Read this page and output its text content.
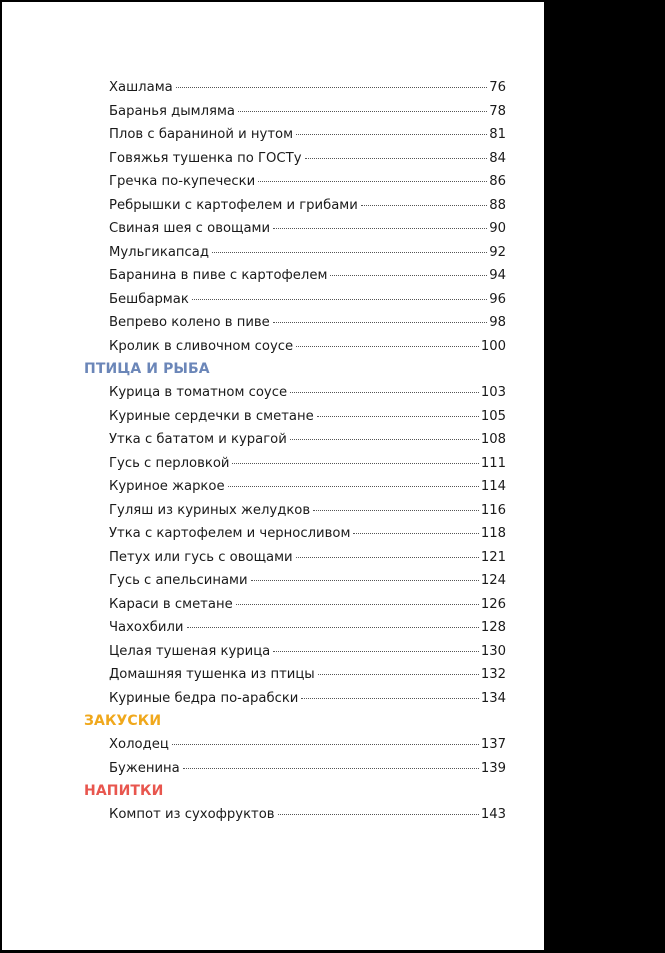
Хашлама	76
Баранья дымляма	78
Плов с бараниной и нутом	81
Говяжья тушенка по ГОСТу	84
Гречка по-купечески	86
Ребрышки с картофелем и грибами	88
Свиная шея с овощами	90
Мульгикапсад	92
Баранина в пиве с картофелем	94
Бешбармак	96
Вепрево колено в пиве	98
Кролик в сливочном соусе	100
ПТИЦА И РЫБА
Курица в томатном соусе	103
Куриные сердечки в сметане	105
Утка с бататом и курагой	108
Гусь с перловкой	111
Куриное жаркое	114
Гуляш из куриных желудков	116
Утка с картофелем и черносливом	118
Петух или гусь с овощами	121
Гусь с апельсинами	124
Караси в сметане	126
Чахохбили	128
Целая тушеная курица	130
Домашняя тушенка из птицы	132
Куриные бедра по-арабски	134
ЗАКУСКИ
Холодец	137
Буженина	139
НАПИТКИ
Компот из сухофруктов	143
